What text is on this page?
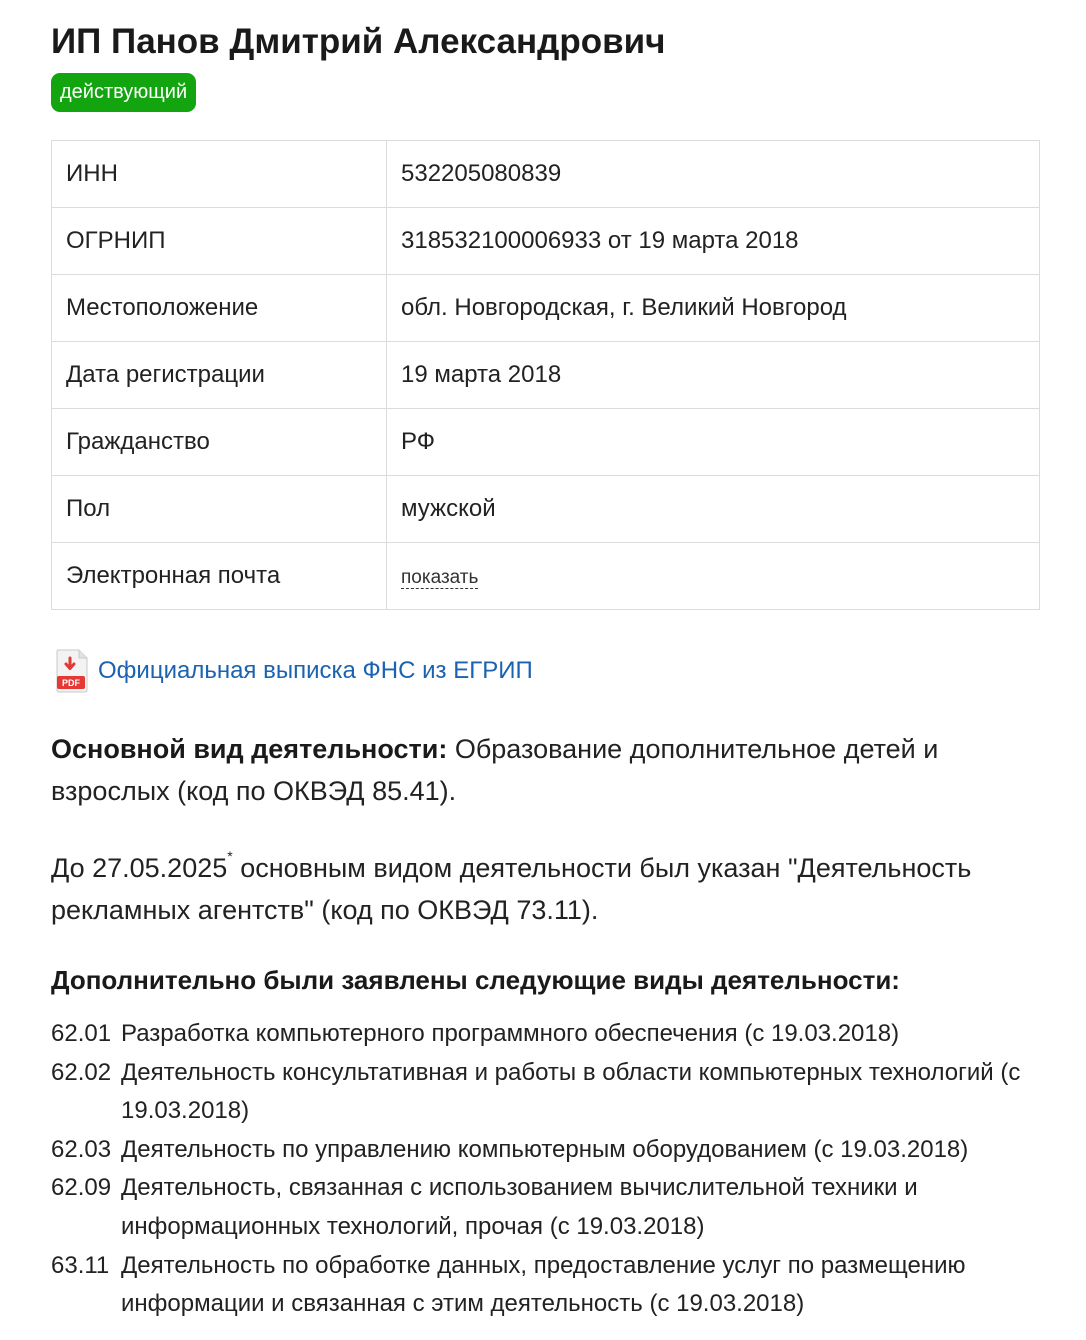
ИП Панов Дмитрий Александрович
действующий
ИНН	532205080839
ОГРНИП	318532100006933 от 19 марта 2018
Местоположение	обл. Новгородская, г. Великий Новгород
Дата регистрации	19 марта 2018
Гражданство	РФ
Пол	мужской
Электронная почта	показать
PDF Официальная выписка ФНС из ЕГРИП

Основной вид деятельности: Образование дополнительное детей и взрослых (код по ОКВЭД 85.41).

До 27.05.2025* основным видом деятельности был указан "Деятельность рекламных агентств" (код по ОКВЭД 73.11).

Дополнительно были заявлены следующие виды деятельности:
62.01 Разработка компьютерного программного обеспечения (с 19.03.2018)
62.02 Деятельность консультативная и работы в области компьютерных технологий (с 19.03.2018)
62.03 Деятельность по управлению компьютерным оборудованием (с 19.03.2018)
62.09 Деятельность, связанная с использованием вычислительной техники и информационных технологий, прочая (с 19.03.2018)
63.11 Деятельность по обработке данных, предоставление услуг по размещению информации и связанная с этим деятельность (с 19.03.2018)
